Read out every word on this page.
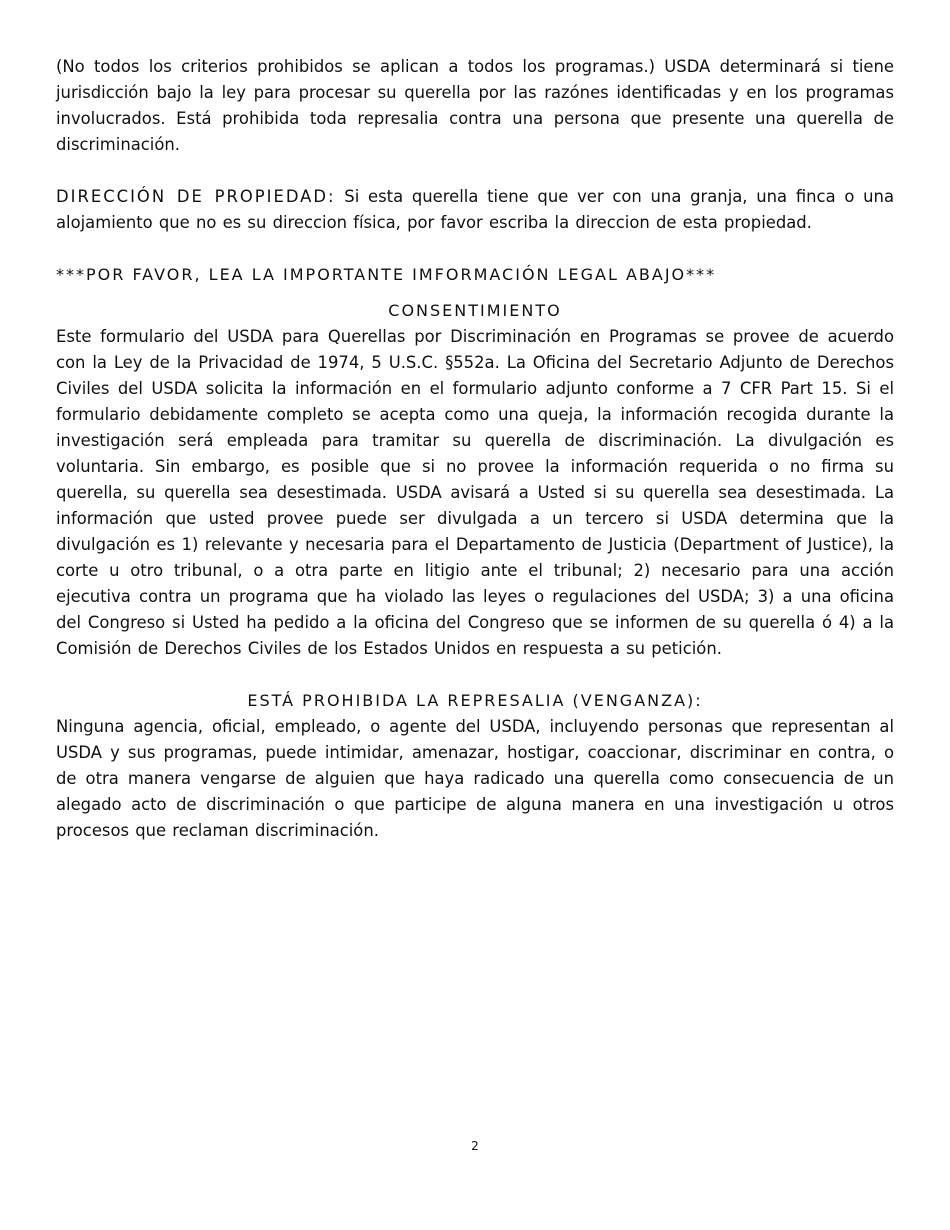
(No todos los criterios prohibidos se aplican a todos los programas.) USDA determinará si tiene jurisdicción bajo la ley para procesar su querella por las razónes identificadas y en los programas involucrados. Está prohibida toda represalia contra una persona que presente una querella de discriminación.

DIRECCIÓN DE PROPIEDAD: Si esta querella tiene que ver con una granja, una finca o una alojamiento que no es su direccion física, por favor escriba la direccion de esta propiedad.

***POR FAVOR, LEA LA IMPORTANTE IMFORMACIÓN LEGAL ABAJO***

CONSENTIMIENTO

Este formulario del USDA para Querellas por Discriminación en Programas se provee de acuerdo con la Ley de la Privacidad de 1974, 5 U.S.C. §552a. La Oficina del Secretario Adjunto de Derechos Civiles del USDA solicita la información en el formulario adjunto conforme a 7 CFR Part 15. Si el formulario debidamente completo se acepta como una queja, la información recogida durante la investigación será empleada para tramitar su querella de discriminación. La divulgación es voluntaria. Sin embargo, es posible que si no provee la información requerida o no firma su querella, su querella sea desestimada. USDA avisará a Usted si su querella sea desestimada. La información que usted provee puede ser divulgada a un tercero si USDA determina que la divulgación es 1) relevante y necesaria para el Departamento de Justicia (Department of Justice), la corte u otro tribunal, o a otra parte en litigio ante el tribunal; 2) necesario para una acción ejecutiva contra un programa que ha violado las leyes o regulaciones del USDA; 3) a una oficina del Congreso si Usted ha pedido a la oficina del Congreso que se informen de su querella ó 4) a la Comisión de Derechos Civiles de los Estados Unidos en respuesta a su petición.

ESTÁ PROHIBIDA LA REPRESALIA (VENGANZA):

Ninguna agencia, oficial, empleado, o agente del USDA, incluyendo personas que representan al USDA y sus programas, puede intimidar, amenazar, hostigar, coaccionar, discriminar en contra, o de otra manera vengarse de alguien que haya radicado una querella como consecuencia de un alegado acto de discriminación o que participe de alguna manera en una investigación u otros procesos que reclaman discriminación.

2
